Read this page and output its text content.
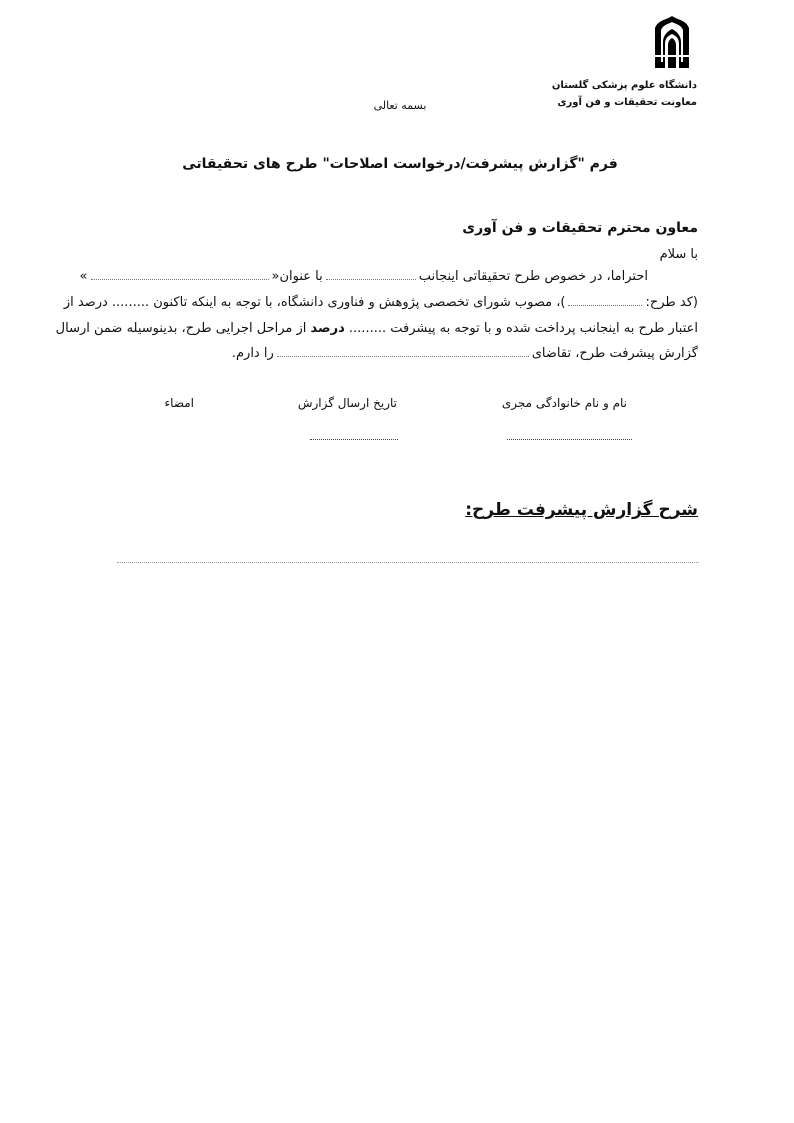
دانشگاه علوم پزشکی گلستان
معاونت تحقیقات و فن آوری
بسمه تعالی
فرم "گزارش پیشرفت/درخواست اصلاحات" طرح های تحقیقاتی
معاون محترم تحقیقات و فن آوری
با سلام
احتراما، در خصوص طرح تحقیقاتی اینجانببا عنوان«»
(کد طرح:)، مصوب شورای تخصصی پژوهش و فناوری دانشگاه، با توجه به اینکه تاکنون ......... درصد از
اعتبار طرح به اینجانب پرداخت شده و با توجه به پیشرفت ......... درصد از مراحل اجرایی طرح، بدینوسیله ضمن ارسال
گزارش پیشرفت طرح، تقاضایرا دارم.
نام و نام خانوادگی مجری
تاریخ ارسال گزارش
امضاء
شرح گزارش پیشرفت طرح:
